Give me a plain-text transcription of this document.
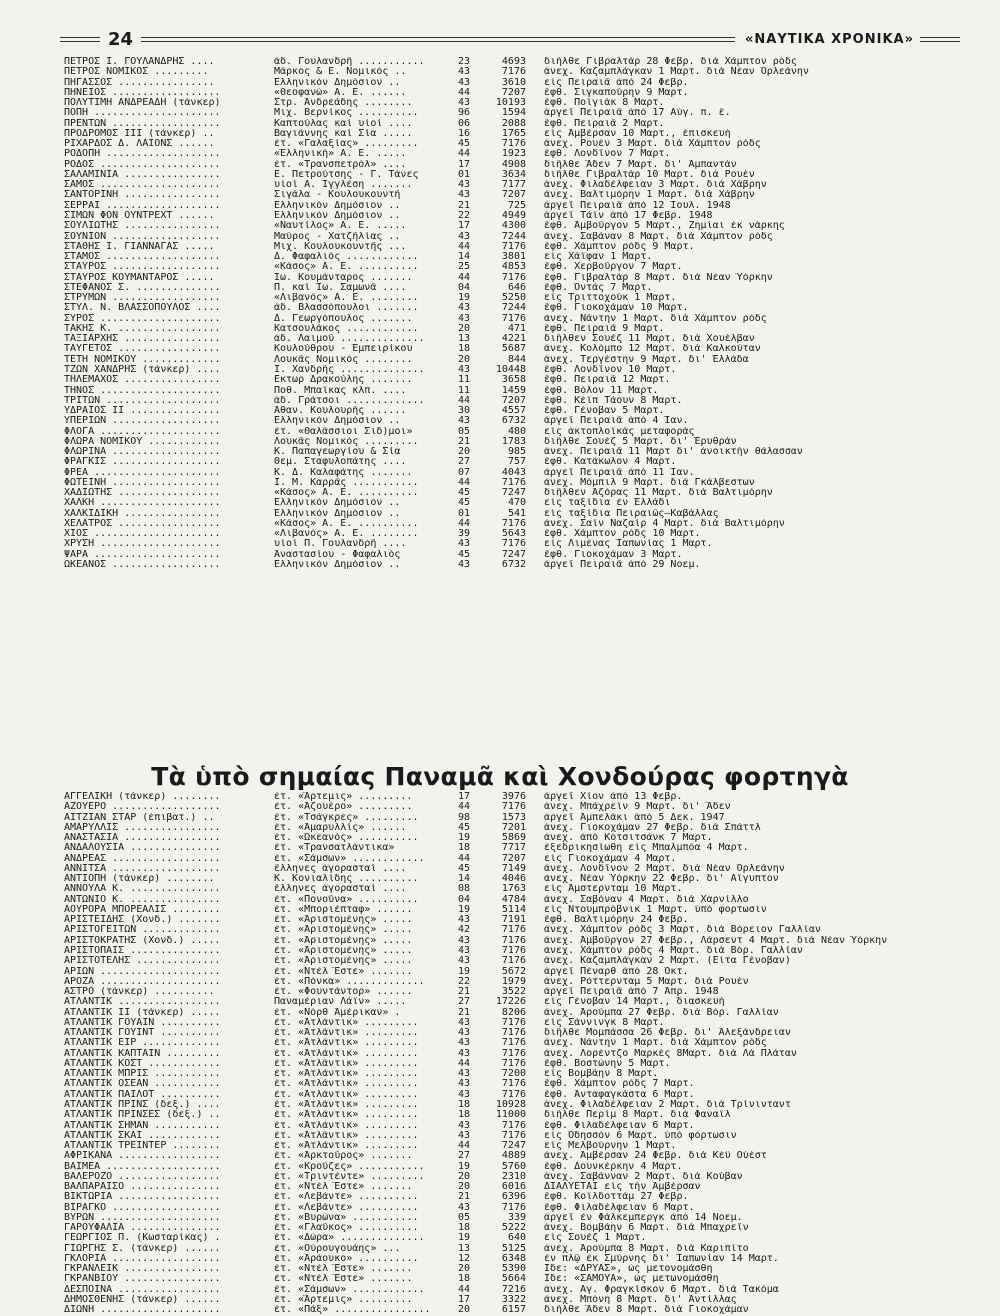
24	«ΝΑΥΤΙΚΑ ΧΡΟΝΙΚΑ»
ΠΕΤΡΟΣ Ι. ΓΟΥΛΑΝΔΡΗΣ ....	άδ. Γουλανδρῆ ...........	23	4693 διῆλθε Γιβραλτὰρ 28 Φεβρ. διὰ Χάμπτον ρὸδς
ΠΕΤΡΟΣ ΝΟΜΙΚΟΣ .........	Μάρκος & Ε. Νομικὸς ..	43	7176 ἀνεχ. Καζαμπλάγκαν 1 Μαρτ. διὰ Νέαν Ὀρλεάνην
ΠΗΓΑΣΣΟΣ ................	Ἑλληνικὸν Δημόσιον ..	43	3610 εἰς Πειραιᾶ ἀπὸ 24 Φεβρ.
ΠΗΝΕΙΟΣ ..................	«Θεοφανὼ» Α. Ε. ......	44	7207 ἔφθ. Σιγκαποὺρην 9 Μαρτ.
ΠΟΛΥΤΙΜΗ ΑΝΔΡΕΑΔΗ (τάνκερ)	Στρ. Ἀνδρεάδης ........	43	10193 ἔφθ. Ποϊγιὰκ 8 Μαρτ.
ΠΟΠΗ .....................	Μιχ. Βερνίκος ..........	96	1594 ἀργεῖ Πειραιᾶ ἀπὸ 17 Αὐγ. π. ἔ.
ΠΡΕΝΤΩΝ ..................	Καπτούλας καὶ υἱοὶ ....	06	2088 ἔφθ. Πειραιᾶ 2 Μαρτ.
ΠΡΟΔΡΟΜΟΣ ΙΙΙ (τάνκερ) ..	Βαγιάννης καὶ Σία .....	16	1765 εἰς Ἀμβέρσαν 10 Μαρτ., ἐπισκευὴ
ΡΙΧΑΡΔΟΣ Δ. ΛΑΙΟΝΣ ......	ἐτ. «Γαλαξίας» .........	45	7176 ἀνεχ. Ρουὲν 3 Μαρτ. διὰ Χάμπτον ρὸδς
ΡΟΔΟΠΗ ...................	«Ἑλληνικὴ» Α. Ε. .....	44	1923 ἔφθ. Λονδῖνον 7 Μαρτ.
ΡΟΔΟΣ ....................	ἐτ. «Τρανσπετρόλ» ....	17	4908 διῆλθε Ἄδεν 7 Μαρτ. δι' Ἀμπαντὰν
ΣΑΛΑΜΙΝΙΑ ................	Ε. Πετρούτσης - Γ. Τάνες	01	3634 διῆλθε Γιβραλτὰρ 10 Μαρτ. διὰ Ρουὲν
ΣΑΜΟΣ ....................	υἱοὶ Α. Ἰγγλέση .......	43	7177 ἀνεχ. Φιλαδέλφειαν 3 Μαρτ. διὰ Χάβρην
ΣΑΝΤΟΡΙΝΗ ................	Σιγάλα - Κουλουκουντῆ	43	7207 ἀνεχ. Βαλτιμόρην 1 Μαρτ. διὰ Χάβρην
ΣΕΡΡΑΙ ...................	Ἑλληνικὸν Δημόσιον ..	21	725 ἀργεῖ Πειραιᾶ ἀπὸ 12 Ἰουλ. 1948
ΣΙΜΩΝ ΦΟΝ ΟΥΝΤΡΕΧΤ ......	Ἑλληνικὸν Δημόσιον ..	22	4949 ἀργεῖ Τάϊν ἀπὸ 17 Φεβρ. 1948
ΣΟΥΛΙΩΤΗΣ ................	«Ναυτίλος» Α. Ε. .....	17	4300 ἔφθ. Ἀμβοῦργον 5 Μαρτ., Ζημίαι ἐκ νάρκης
ΣΟΥΝΙΟΝ ..................	Μαύρος - Χατζῆλίας ..	43	7244 ἀνεχ. Σαβάναν 8 Μαρτ. διὰ Χάμπτον ρὸδς
ΣΤΑΘΗΣ Ι. ΓΙΑΝΝΑΓΑΣ .....	Μιχ. Κουλουκουντῆς ...	44	7176 ἔφθ. Χάμπτον ρὸδς 9 Μαρτ.
ΣΤΑΜΟΣ ...................	Δ. Φαφαλιὸς ............	14	3801 εἰς Χάϊφαν 1 Μαρτ.
ΣΤΑΥΡΟΣ ..................	«Κάσος» Α. Ε. ..........	25	4853 ἔφθ. Χερβοῦργον 7 Μαρτ.
ΣΤΑΥΡΟΣ ΚΟΥΜΑΝΤΑΡΟΣ .....	Ἰω. Κουμάνταρος .......	44	7176 ἔφθ. Γιβραλτὰρ 8 Μαρτ. διὰ Νέαν Ὑόρκην
ΣΤΕΦΑΝΟΣ Σ. ..............	Π. καὶ Ἰω. Σαμωνᾶ ....	04	646 ἔφθ. Ὀντὰς 7 Μαρτ.
ΣΤΡΥΜΩΝ ..................	«Λιβανὸς» Α. Ε. ........	19	5250 εἰς Τριττοχοὺκ 1 Μαρτ.
ΣΤΥΛ. Ν. ΒΛΑΣΣΟΠΟΥΛΟΣ ....	ἀδ. Βλασσόπουλοι .......	43	7244 ἔφθ. Γιοκοχάμαν 10 Μαρτ.
ΣΥΡΟΣ ....................	Δ. Γεωργόπουλος .......	43	7176 ἀνεχ. Νάντην 1 Μαρτ. διὰ Χάμπτον ρὸδς
ΤΑΚΗΣ Κ. .................	Κατσουλάκος ............	20	471 ἔφθ. Πειραιᾶ 9 Μαρτ.
ΤΑΞΙΑΡΧΗΣ ................	ἀδ. Λαιμοῦ ..............	13	4221 διῆλθεν Σουὲζ 11 Μαρτ. διὰ Χουέλβαν
ΤΑΫΓΕΤΟΣ .................	Κουλούθρου - Ἐμπειρίκου	18	5687 ἀνεχ. Κολόμπο 12 Μαρτ. διὰ Καλκούταν
ΤΕΤΗ ΝΟΜΙΚΟΥ .............	Λουκᾶς Νομικὸς ........	20	844 ἀνεχ. Τεργέστην 9 Μαρτ. δι' Ἑλλάδα
ΤΖΩΝ ΧΑΝΔΡΗΣ (τάνκερ) ....	Ι. Χανδρῆς ..............	43	10448 ἔφθ. Λονδῖνον 10 Μαρτ.
ΤΗΛΕΜΑΧΟΣ ................	Ἕκτωρ Δρακούλης .......	11	3658 ἔφθ. Πειραιᾶ 12 Μαρτ.
ΤΗΝΟΣ ....................	Ποθ. Μπαΐκας κλπ. ....	11	1459 ἔφθ. Βόλον 11 Μαρτ.
ΤΡΙΤΩΝ ...................	ἀδ. Γράτσοι .............	44	7207 ἔφθ. Κέϊπ Τάουν 8 Μαρτ.
ΥΔΡΑΙΟΣ ΙΙ ...............	Ἀθαν. Κουλουρῆς ......	30	4557 ἔφθ. Γένοβαν 5 Μαρτ.
ΥΠΕΡΙΩΝ ..................	Ἑλληνικὸν Δημόσιον ..	43	6732 ἀργεῖ Πειραιᾶ ἀπὸ 4 Ἰαν.
ΦΛΟΓΑ ....................	ἐτ. «Θαλάσσιοι Σιδ)μοι»	05	480 εἰς ἀκτοπλοϊκὰς μεταφορὰς
ΦΛΩΡΑ ΝΟΜΙΚΟΥ ............	Λουκᾶς Νομικὸς .........	21	1783 διῆλθε Σουὲζ 5 Μαρτ. δι' Ἐρυθρὰν
ΦΛΩΡΙΝΑ ..................	Κ. Παπαγεωργίου & Σία	20	985 ἀνεχ. Πειραιᾶ 11 Μαρτ δι' ἀνοικτὴν θάλασσαν
ΦΡΑΓΚΙΣ ..................	Θεμ. Σταφυλοπάτης ....	27	757 ἔφθ. Κατάκωλον 4 Μαρτ.
ΦΡΕΑ .....................	Κ. Δ. Καλαφάτης .......	07	4043 ἀργεῖ Πειραιᾶ ἀπὸ 11 Ἰαν.
ΦΩΤΕΙΝΗ ..................	Ι. Μ. Καρρᾶς ...........	44	7176 ἀνεχ. Μόμπιλ 9 Μαρτ. διὰ Γκάλβεστων
ΧΑΔΙΩΤΗΣ .................	«Κάσος» Α. Ε. ..........	45	7247 διῆλθεν Ἀζόρας 11 Μαρτ. διὰ Βαλτιμόρην
ΧΑΛΚΗ ....................	Ἑλληνικὸν Δημόσιον ..	45	470 εἰς ταξίδια ἐν Ἑλλάδι
ΧΑΛΚΙΔΙΚΗ ................	Ἑλληνικὸν Δημόσιον ..	01	541 εἰς ταξίδια Πειραιῶς—Καβάλλας
ΧΕΛΑΤΡΟΣ .................	«Κάσος» Α. Ε. ..........	44	7176 ἀνεχ. Σαῒν Ναζαὶρ 4 Μαρτ. διὰ Βαλτιμόρην
ΧΙΟΣ .....................	«Λιβανὸς» Α. Ε. ........	39	5643 ἔφθ. Χάμπτον ρὸδς 10 Μαρτ.
ΧΡΥΣΗ ....................	υἱοὶ Π. Γουλανδρῆ ....	43	7176 εἰς Λιμένας Ἰαπωνίας 1 Μαρτ.
ΨΑΡΑ .....................	Ἀναστασίου - Φαφαλιὸς	45	7247 ἔφθ. Γιοκοχάμαν 3 Μαρτ.
ΩΚΕΑΝΟΣ ..................	Ἑλληνικὸν Δημόσιον ..	43	6732 ἀργεῖ Πειραιᾶ ἀπὸ 29 Νοεμ.
Τὰ ὑπὸ σημαίας Παναμᾶ καὶ Χονδούρας φορτηγὰ
ΑΓΓΕΛΙΚΗ (τάνκερ) ........	ἐτ. «Ἄρτεμις» .........	17	3976 ἀργεῖ Χίον ἀπὸ 13 Φεβρ.
ΑΖΟΥΕΡΟ ..................	ἐτ. «Ἀζουέρο» .........	44	7176 ἀνεχ. Μπάχρεϊν 9 Μαρτ. δι' Ἄδεν
ΑΪΤΖΙΑΝ ΣΤΑΡ (ἐπιβατ.) ..	ἐτ. «Τσάγκρες» .........	98	1573 ἀργεῖ Ἀμπελάκι ἀπὸ 5 Δεκ. 1947
ΑΜΑΡΥΛΛΙΣ ................	ἐτ. «Ἀμαρυλλὶς» ......	45	7201 ἀνεχ. Γιοκοχάμαν 27 Φεβρ. διὰ Σπάττλ
ΑΝΑΣΤΑΣΙΑ ................	ἐτ. «Ὠκεανὸς» ..........	19	5869 ἀνεχ. ἀπὸ Κοτσιτσάνκ 7 Μαρτ.
ΑΝΔΑΛΟΥΣΙΑ ...............	ἐτ. «Τρανσατλάντικα»	18	7717 ἐξεδρικησίωθη εἰς Μπαλμπόα 4 Μαρτ.
ΑΝΔΡΕΑΣ ..................	ἐτ. «Σάμσων» ............	44	7207 εἰς Γιοκοχάμαν 4 Μαρτ.
ΑΝΝΙΤΣΑ ..................	ἕλληνες ἀγορασταὶ ....	45	7149 ἀνεχ. Λονδῖνον 2 Μαρτ. διὰ Νέαν Ὀρλεάνην
ΑΝΤΙΟΠΗ (τάνκερ) ........	Κ. Κονιαλίδης ..........	14	4046 ἀνεχ. Νέαν Ὑόρκην 22 Φεβρ. δι' Αἴγυπτον
ΑΝΝΟΥΛΑ Κ. ...............	ἕλληνες ἀγορασταὶ ....	08	1763 εἰς Ἀμστερνταμ 10 Μαρτ.
ΑΝΤΩΝΙΟ Κ. ...............	ἐτ. «Πονοῦνα» ..........	04	4784 ἀνεχ. Σαβόναν 4 Μαρτ. διὰ Χαρνίλλο
ΑΟΥΡΟΡΑ ΜΠΟΡΕΑΛΙΣ ........	ἐτ. «Μποριέπταφ» ......	19	5114 εἰς Ντουμπρόβνικ 1 Μαρτ. ὑπὸ φορτωσιν
ΑΡΙΣΤΕΙΔΗΣ (Χονδ.) .......	ἐτ. «Ἀριστομένης» .....	43	7191 ἔφθ. Βαλτιμόρην 24 Φεβρ.
ΑΡΙΣΤΟΓΕΙΤΩΝ .............	ἐτ. «Ἀριστομένης» .....	42	7176 ἀνεχ. Χάμπτον ρὸδς 3 Μαρτ. διὰ Βόρειον Γαλλίαν
ΑΡΙΣΤΟΚΡΑΤΗΣ (Χονδ.) .....	ἐτ. «Ἀριστομένης» .....	43	7176 ἀνεχ. Ἀμβοῦργον 27 Φεβρ., Λάρσεντ 4 Μαρτ. διὰ Νέαν Ὑόρκην
ΑΡΙΣΤΟΠΑΙΣ ...............	ἐτ. «Ἀριστομένης» .....	43	7176 ἀνεχ. Χάμπτον ρὸδς 4 Μαρτ. διὰ Βόρ. Γαλλίαν
ΑΡΙΣΤΟΤΕΛΗΣ ..............	ἐτ. «Ἀριστομένης» .....	43	7176 ἀνεχ. Καζαμπλάγκαν 2 Μαρτ. (Εἶτα Γένοβαν)
ΑΡΙΩΝ ....................	ἐτ. «Ντὲλ Ἔστε» .......	19	5672 ἀργεῖ Πέναρθ ἀπὸ 28 Ὀκτ.
ΑΡΟΖΑ ....................	ἐτ. «Πόνκα» .............	22	1979 ἀνεχ. Ρόττερνταμ 5 Μαρτ. διὰ Ρουὲν
ΑΣΤΡΟ (τάνκερ) ..........	ἐτ. «Φουντάντορ» ......	21	3522 ἀργεῖ Πειραιᾶ ἀπὸ 7 Ἀπρ. 1948
ΑΤΛΑΝΤΙΚ .................	Παναμέριαν Λάϊν» .....	27	17226 εἰς Γένοβαν 14 Μαρτ., διασκευὴ
ΑΤΛΑΝΤΙΚ ΙΙ (τάνκερ) .....	ἐτ. «Νὸρθ Ἀμέρικαν» .	21	8206 ἀνεχ. Ἀρούμπα 27 Φεβρ. διὰ Βόρ. Γαλλίαν
ΑΤΛΑΝΤΙΚ ΓΟΥΑΪΝ ..........	ἐτ. «Ἀτλάντικ» .........	43	7176 εἰς Σάννινγκ 8 Μαρτ.
ΑΤΛΑΝΤΙΚ ΓΟΥΪΝΤ ..........	ἐτ. «Ἀτλάντικ» .........	43	7176 διῆλθε Μομπάσσα 26 Φεβρ. δι' Ἀλεξάνδρειαν
ΑΤΛΑΝΤΙΚ ΕΪΡ .............	ἐτ. «Ἀτλάντικ» .........	43	7176 ἀνεχ. Νάντην 1 Μαρτ. διὰ Χάμπτον ρὸδς
ΑΤΛΑΝΤΙΚ ΚΑΠΤΑΪΝ .........	ἐτ. «Ἀτλάντικ» .........	43	7176 ἀνεχ. Λορέντζο Μαρκὲς 8Μαρτ. διὰ Λὰ Πλάταν
ΑΤΛΑΝΤΙΚ ΚΟΣΤ ............	ἐτ. «Ἀτλάντικ» .........	44	7176 ἔφθ. Βοστώνην 5 Μαρτ.
ΑΤΛΑΝΤΙΚ ΜΠΡΙΣ ...........	ἐτ. «Ἀτλάντικ» .........	43	7200 εἰς Βομβάην 8 Μαρτ.
ΑΤΛΑΝΤΙΚ ΟΣΕΑΝ ...........	ἐτ. «Ἀτλάντικ» .........	43	7176 ἔφθ. Χάμπτον ρὸδς 7 Μαρτ.
ΑΤΛΑΝΤΙΚ ΠΑΪΛΟΤ ..........	ἐτ. «Ἀτλάντικ» .........	43	7176 ἔφθ. Ἀνταφαγκάστα 6 Μαρτ.
ΑΤΛΑΝΤΙΚ ΠΡΙΝΣ (δεξ.) ....	ἐτ. «Ἀτλάντικ» .........	18	10928 ἀνεχ. Φιλαδέλφειαν 2 Μαρτ. διὰ Τρίνινταντ
ΑΤΛΑΝΤΙΚ ΠΡΙΝΣΕΣ (δεξ.) ..	ἐτ. «Ἀτλάντικ» .........	18	11000 διῆλθε Περὶμ 8 Μαρτ. διὰ Φαναϊλ
ΑΤΛΑΝΤΙΚ ΣΗΜΑΝ ...........	ἐτ. «Ἀτλάντικ» .........	43	7176 ἔφθ. Φιλαδέλφειαν 6 Μαρτ.
ΑΤΛΑΝΤΙΚ ΣΚΑΪ ............	ἐτ. «Ἀτλάντικ» .........	43	7176 εἰς Ὀδησσὸν 6 Μαρτ. ὑπὸ φόρτωσιν
ΑΤΛΑΝΤΙΚ ΤΡΕΪΝΤΕΡ ........	ἐτ. «Ἀτλάντικ» .........	44	7247 εἰς Μελβούρνην 1 Μαρτ.
ΑΦΡΙΚΑΝΑ .................	ἐτ. «Ἀρκτοῦρος» .......	27	4889 ἀνεχ. Ἀμβέρσαν 24 Φεβρ. διὰ Κέϋ Οὐέστ
ΒΑΪΜΕΑ ...................	ἐτ. «Κροῦζες» ...........	19	5760 ἔφθ. Δουνκέρκην 4 Μαρτ.
ΒΑΛΕΡΟΖΟ .................	ἐτ. «Τριντέντε» .........	20	2310 ἀνεχ. Σαβάνναν 2 Μαρτ. διὰ Κούβαν
ΒΑΛΠΑΡΑΪΣΟ ...............	ἐτ. «Ντὲλ Ἔστε» .......	20	6016 ΔΙΑΛΥΕΤΑΙ εἰς τὴν Ἀμβέρσαν
ΒΙΚΤΩΡΙΑ .................	ἐτ. «Λεβάντε» ..........	21	6396 ἔφθ. Κοϊλδοττὰμ 27 Φεβρ.
ΒΙΡΑΓΚΟ ..................	ἐτ. «Λεβάντε» ..........	43	7176 ἔφθ. Φιλαδέλφειαν 6 Μαρτ.
ΒΥΡΩΝ ....................	ἐτ. «Βυρώνα» ...........	05	339 ἀργεῖ ἐν Φάλκεμπεργκ ἀπὸ 14 Νοεμ.
ΓΑΡΟΥΦΑΛΙΑ ...............	ἐτ. «Γλαῦκος» ..........	18	5222 ἀνεχ. Βομβάην 6 Μαρτ. διὰ Μπαχρεῖν
ΓΕΩΡΓΙΟΣ Π. (Κωσταρίκας) .	ἐτ. «Δώρα» ..............	19	640 εἰς Σουὲζ 1 Μαρτ.
ΓΙΩΡΓΗΣ Σ. (τάνκερ) ......	ἐτ. «Οὐρουγουάης» ...	13	5125 ἀνεχ. Ἀρούμπα 8 Μαρτ. διὰ Καριπίτο
ΓΚΛΟΡΙΑ ..................	ἐτ. «Ἀράουκο» ..........	12	6348 ἐν πλῷ ἐκ Σμύρνης δι' Ἰαπωνίαν 14 Μαρτ.
ΓΚΡΑΝΛΕΪΚ ................	ἐτ. «Ντὲλ Ἔστε» .......	20	5390 Ἴδε: «ΔΡΥΑΣ», ὡς μετονομάσθη
ΓΚΡΑΝΒΙΟΥ ................	ἐτ. «Ντὲλ Ἔστε» .......	18	5664 Ἴδε: «ΣΑΜΟΥΑ», ὡς μετωνομάσθη
ΔΕΣΠΟΙΝΑ .................	ἐτ. «Σάμσων» ............	44	7216 ἀνεχ. Αγ. Φραγκίσκον 6 Μαρτ. διὰ Τακόμα
ΔΗΜΟΣΘΕΝΗΣ (τάνκερ) ......	ἐτ. «Ἄρτεμις» .........	17	3322 ἀνεχ. Μπόνη 8 Μαρτ. δι' Ἀντίλλας
ΔΙΩΝΗ ....................	ἐτ. «Πάξ» ................	20	6157 διῆλθε Ἄδεν 8 Μαρτ. διὰ Γιοκοχάμαν
